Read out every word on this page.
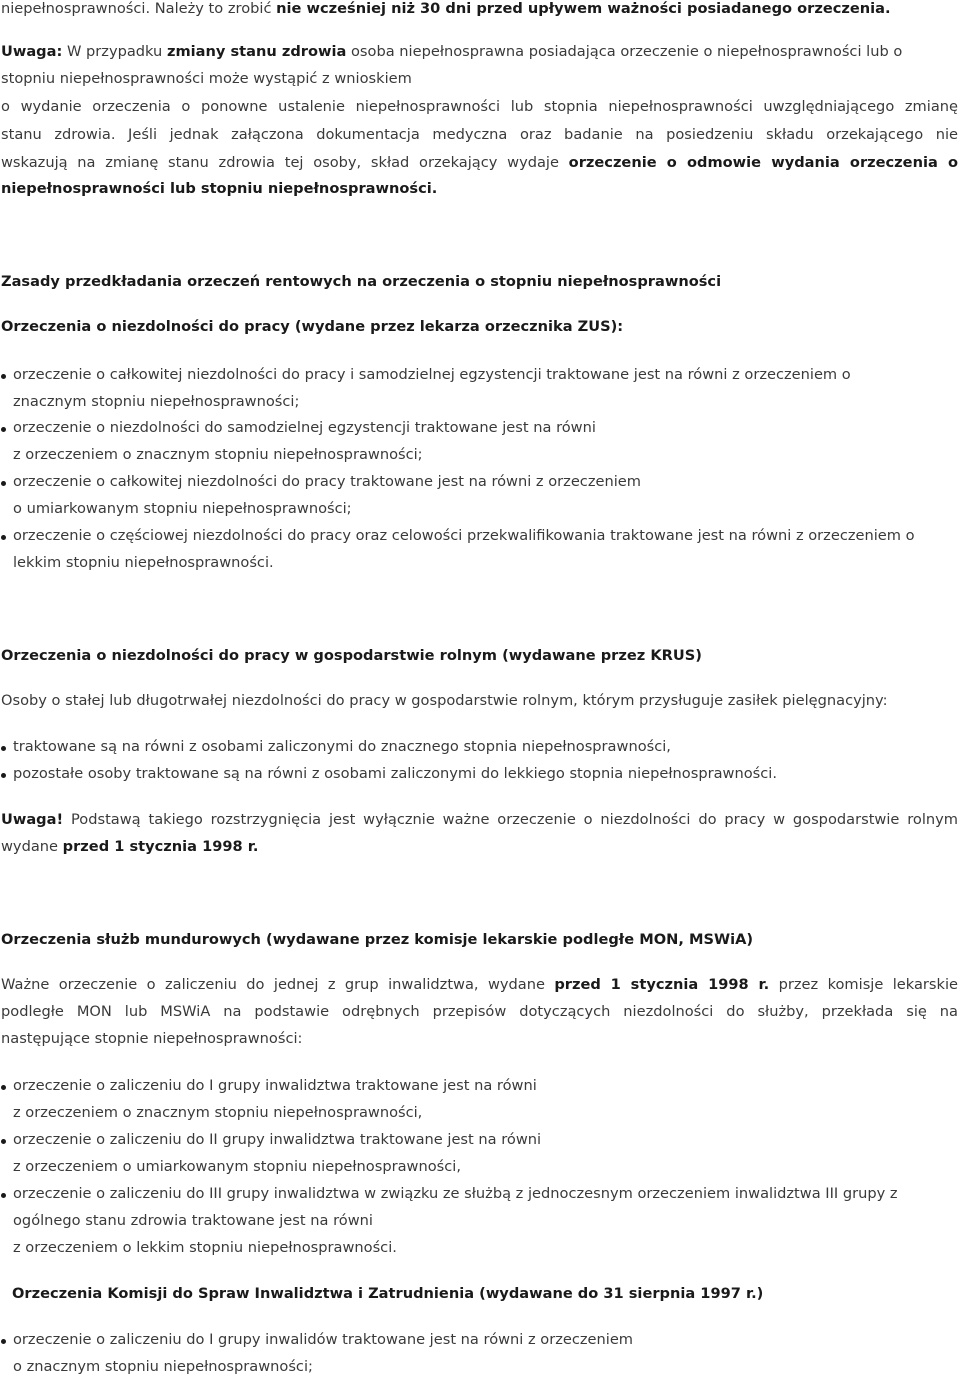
niepełnosprawności. Należy to zrobić nie wcześniej niż 30 dni przed upływem ważności posiadanego orzeczenia.
Uwaga: W przypadku zmiany stanu zdrowia osoba niepełnosprawna posiadająca orzeczenie o niepełnosprawności lub o
stopniu niepełnosprawności może wystąpić z wnioskiem
o wydanie orzeczenia o ponowne ustalenie niepełnosprawności lub stopnia niepełnosprawności uwzględniającego zmianę
stanu zdrowia. Jeśli jednak załączona dokumentacja medyczna oraz badanie na posiedzeniu składu orzekającego nie
wskazują na zmianę stanu zdrowia tej osoby, skład orzekający wydaje orzeczenie o odmowie wydania orzeczenia o
niepełnosprawności lub stopniu niepełnosprawności.
Zasady przedkładania orzeczeń rentowych na orzeczenia o stopniu niepełnosprawności
Orzeczenia o niezdolności do pracy (wydane przez lekarza orzecznika ZUS):
orzeczenie o całkowitej niezdolności do pracy i samodzielnej egzystencji traktowane jest na równi z orzeczeniem o
znacznym stopniu niepełnosprawności;
orzeczenie o niezdolności do samodzielnej egzystencji traktowane jest na równi
z orzeczeniem o znacznym stopniu niepełnosprawności;
orzeczenie o całkowitej niezdolności do pracy traktowane jest na równi z orzeczeniem
o umiarkowanym stopniu niepełnosprawności;
orzeczenie o częściowej niezdolności do pracy oraz celowości przekwalifikowania traktowane jest na równi z orzeczeniem o
lekkim stopniu niepełnosprawności.
Orzeczenia o niezdolności do pracy w gospodarstwie rolnym (wydawane przez KRUS)
Osoby o stałej lub długotrwałej niezdolności do pracy w gospodarstwie rolnym, którym przysługuje zasiłek pielęgnacyjny:
traktowane są na równi z osobami zaliczonymi do znacznego stopnia niepełnosprawności,
pozostałe osoby traktowane są na równi z osobami zaliczonymi do lekkiego stopnia niepełnosprawności.
Uwaga! Podstawą takiego rozstrzygnięcia jest wyłącznie ważne orzeczenie o niezdolności do pracy w gospodarstwie rolnym
wydane przed 1 stycznia 1998 r.
Orzeczenia służb mundurowych (wydawane przez komisje lekarskie podległe MON, MSWiA)
Ważne orzeczenie o zaliczeniu do jednej z grup inwalidztwa, wydane przed 1 stycznia 1998 r. przez komisje lekarskie
podległe MON lub MSWiA na podstawie odrębnych przepisów dotyczących niezdolności do służby, przekłada się na
następujące stopnie niepełnosprawności:
orzeczenie o zaliczeniu do I grupy inwalidztwa traktowane jest na równi
z orzeczeniem o znacznym stopniu niepełnosprawności,
orzeczenie o zaliczeniu do II grupy inwalidztwa traktowane jest na równi
z orzeczeniem o umiarkowanym stopniu niepełnosprawności,
orzeczenie o zaliczeniu do III grupy inwalidztwa w związku ze służbą z jednoczesnym orzeczeniem inwalidztwa III grupy z
ogólnego stanu zdrowia traktowane jest na równi
z orzeczeniem o lekkim stopniu niepełnosprawności.
Orzeczenia Komisji do Spraw Inwalidztwa i Zatrudnienia (wydawane do 31 sierpnia 1997 r.)
orzeczenie o zaliczeniu do I grupy inwalidów traktowane jest na równi z orzeczeniem
o znacznym stopniu niepełnosprawności;
